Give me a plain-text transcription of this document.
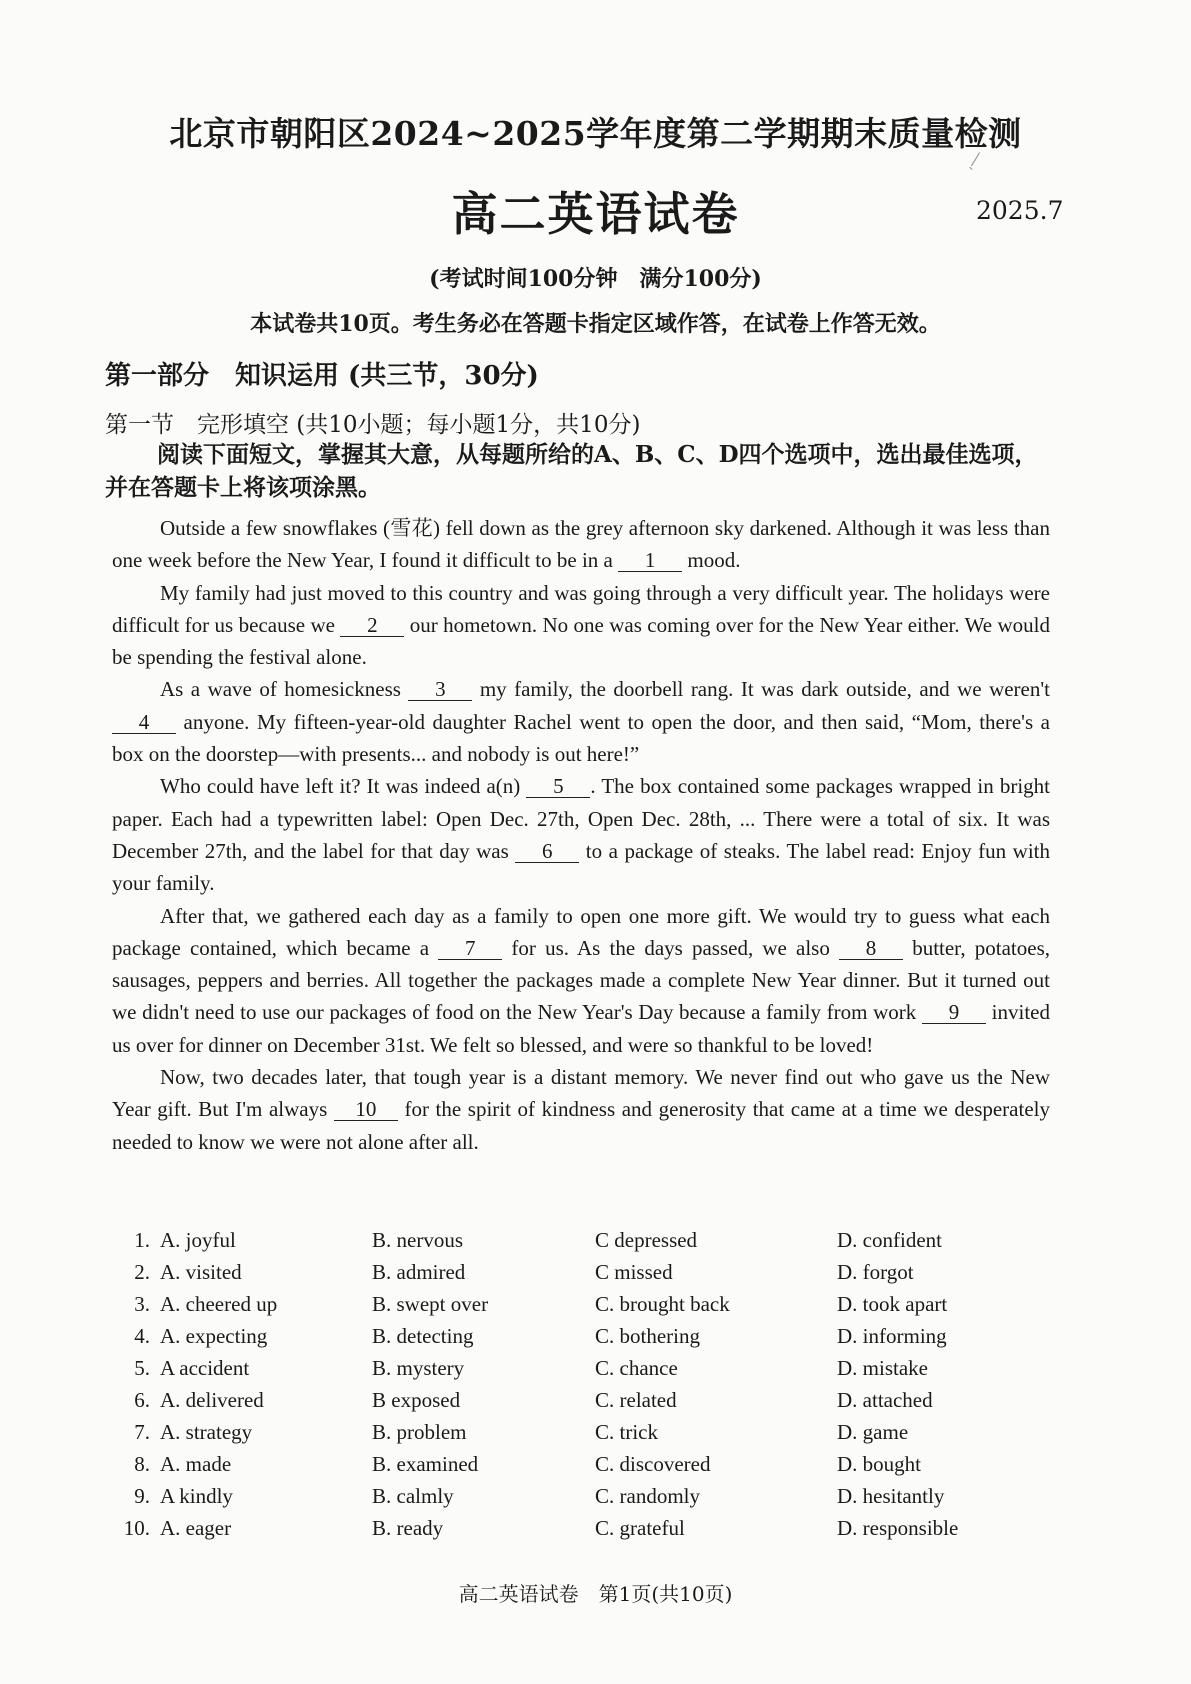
ˏ⁄
北京市朝阳区2024~2025学年度第二学期期末质量检测
高二英语试卷	2025.7
(考试时间100分钟　满分100分)
本试卷共10页。考生务必在答题卡指定区域作答，在试卷上作答无效。
第一部分　知识运用 (共三节，30分)
第一节　完形填空 (共10小题；每小题1分，共10分)
阅读下面短文，掌握其大意，从每题所给的A、B、C、D四个选项中，选出最佳选项，并在答题卡上将该项涂黑。

Outside a few snowflakes (雪花) fell down as the grey afternoon sky darkened. Although it was less than one week before the New Year, I found it difficult to be in a 1 mood.

My family had just moved to this country and was going through a very difficult year. The holidays were difficult for us because we 2 our hometown. No one was coming over for the New Year either. We would be spending the festival alone.

As a wave of homesickness 3 my family, the doorbell rang. It was dark outside, and we weren't 4 anyone. My fifteen-year-old daughter Rachel went to open the door, and then said, “Mom, there's a box on the doorstep—with presents... and nobody is out here!”

Who could have left it? It was indeed a(n) 5 . The box contained some packages wrapped in bright paper. Each had a typewritten label: Open Dec. 27th, Open Dec. 28th, ... There were a total of six. It was December 27th, and the label for that day was 6 to a package of steaks. The label read: Enjoy fun with your family.

After that, we gathered each day as a family to open one more gift. We would try to guess what each package contained, which became a 7 for us. As the days passed, we also 8 butter, potatoes, sausages, peppers and berries. All together the packages made a complete New Year dinner. But it turned out we didn't need to use our packages of food on the New Year's Day because a family from work 9 invited us over for dinner on December 31st. We felt so blessed, and were so thankful to be loved!

Now, two decades later, that tough year is a distant memory. We never find out who gave us the New Year gift. But I'm always 10 for the spirit of kindness and generosity that came at a time we desperately needed to know we were not alone after all.

1. A. joyful	B. nervous	C depressed	D. confident
2. A. visited	B. admired	C missed	D. forgot
3. A. cheered up	B. swept over	C. brought back	D. took apart
4. A. expecting	B. detecting	C. bothering	D. informing
5. A accident	B. mystery	C. chance	D. mistake
6. A. delivered	B exposed	C. related	D. attached
7. A. strategy	B. problem	C. trick	D. game
8. A. made	B. examined	C. discovered	D. bought
9. A kindly	B. calmly	C. randomly	D. hesitantly
10. A. eager	B. ready	C. grateful	D. responsible
高二英语试卷　第1页(共10页)
